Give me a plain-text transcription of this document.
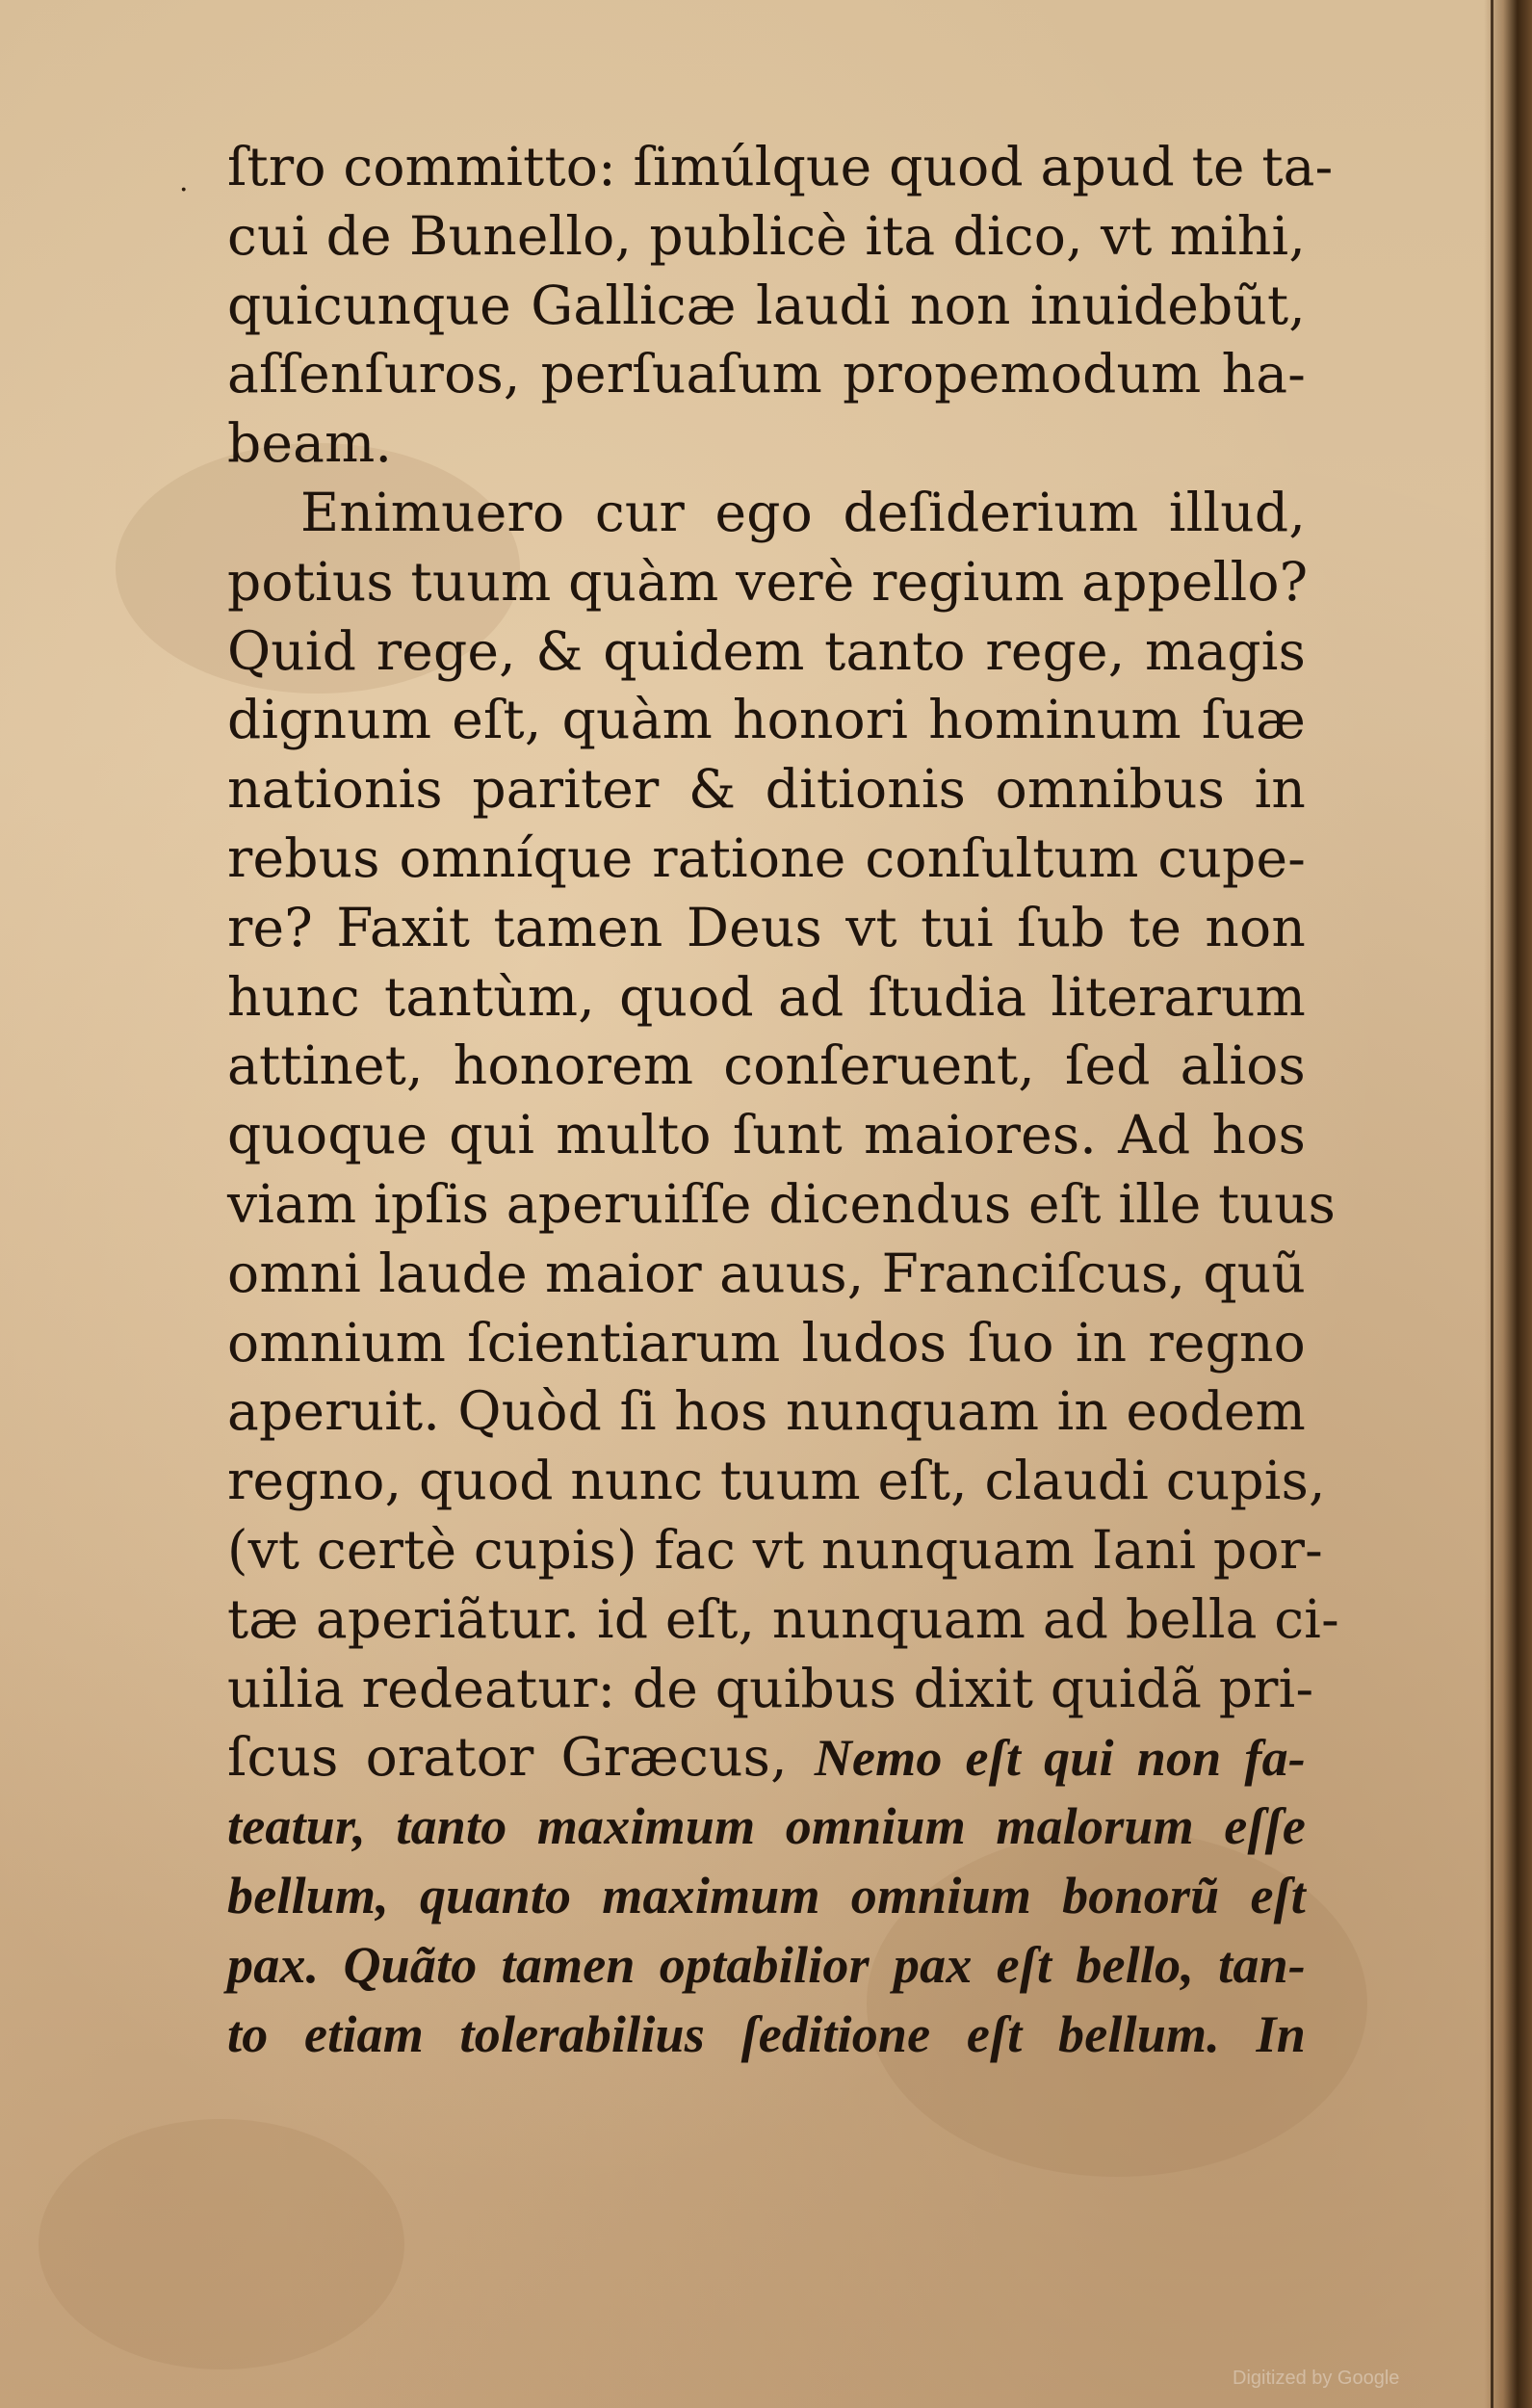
· ſtro committo: ſimúlque quod apud te ta-
cui de Bunello, publicè ita dico, vt mihi,
quicunque Gallicæ laudi non inuidebũt,
aſſenſuros, perſuaſum propemodum ha-
beam.
Enimuero cur ego deſiderium illud,
potius tuum quàm verè regium appello?
Quid rege, & quidem tanto rege, magis
dignum eſt, quàm honori hominum ſuæ
nationis pariter & ditionis omnibus in
rebus omníque ratione conſultum cupe-
re? Faxit tamen Deus vt tui ſub te non
hunc tantùm, quod ad ſtudia literarum
attinet, honorem conſeruent, ſed alios
quoque qui multo ſunt maiores. Ad hos
viam ipſis aperuiſſe dicendus eſt ille tuus
omni laude maior auus, Franciſcus, quũ
omnium ſcientiarum ludos ſuo in regno
aperuit. Quòd ſi hos nunquam in eodem
regno, quod nunc tuum eſt, claudi cupis,
(vt certè cupis) fac vt nunquam Iani por-
tæ aperiãtur. id eſt, nunquam ad bella ci-
uilia redeatur: de quibus dixit quidã pri-
ſcus orator Græcus, Nemo eſt qui non fa-
teatur, tanto maximum omnium malorum eſſe
bellum, quanto maximum omnium bonorũ eſt
pax. Quãto tamen optabilior pax eſt bello, tan-
to etiam tolerabilius ſeditione eſt bellum. In
Digitized by Google
